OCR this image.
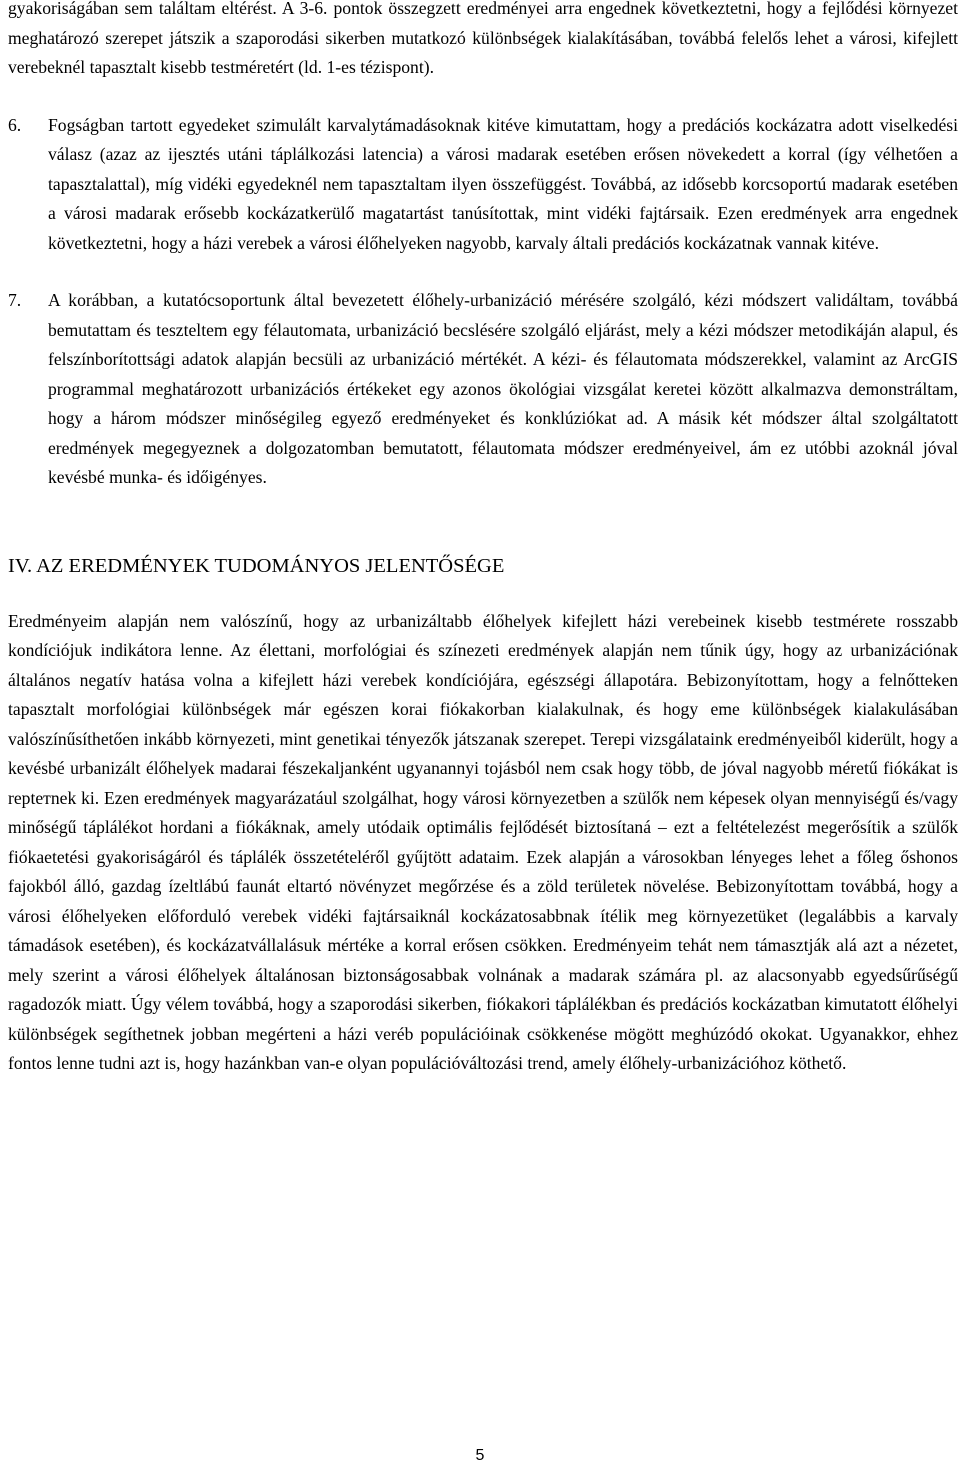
gyakoriságában sem találtam eltérést. A 3-6. pontok összegzett eredményei arra engednek következtetni, hogy a fejlődési környezet meghatározó szerepet játszik a szaporodási sikerben mutatkozó különbségek kialakításában, továbbá felelős lehet a városi, kifejlett verebeknél tapasztalt kisebb testméretért (ld. 1-es tézispont).

6. Fogságban tartott egyedeket szimulált karvalytámadásoknak kitéve kimutattam, hogy a predációs kockázatra adott viselkedési válasz (azaz az ijesztés utáni táplálkozási latencia) a városi madarak esetében erősen növekedett a korral (így vélhetően a tapasztalattal), míg vidéki egyedeknél nem tapasztaltam ilyen összefüggést. Továbbá, az idősebb korcsoportú madarak esetében a városi madarak erősebb kockázatkerülő magatartást tanúsítottak, mint vidéki fajtársaik. Ezen eredmények arra engednek következtetni, hogy a házi verebek a városi élőhelyeken nagyobb, karvaly általi predációs kockázatnak vannak kitéve.
7. A korábban, a kutatócsoportunk által bevezetett élőhely-urbanizáció mérésére szolgáló, kézi módszert validáltam, továbbá bemutattam és teszteltem egy félautomata, urbanizáció becslésére szolgáló eljárást, mely a kézi módszer metodikáján alapul, és felszínborítottsági adatok alapján becsüli az urbanizáció mértékét. A kézi- és félautomata módszerekkel, valamint az ArcGIS programmal meghatározott urbanizációs értékeket egy azonos ökológiai vizsgálat keretei között alkalmazva demonstráltam, hogy a három módszer minőségileg egyező eredményeket és konklúziókat ad. A másik két módszer által szolgáltatott eredmények megegyeznek a dolgozatomban bemutatott, félautomata módszer eredményeivel, ám ez utóbbi azoknál jóval kevésbé munka- és időigényes.
IV. AZ EREDMÉNYEK TUDOMÁNYOS JELENTŐSÉGE

Eredményeim alapján nem valószínű, hogy az urbanizáltabb élőhelyek kifejlett házi verebeinek kisebb testmérete rosszabb kondíciójuk indikátora lenne. Az élettani, morfológiai és színezeti eredmények alapján nem tűnik úgy, hogy az urbanizációnak általános negatív hatása volna a kifejlett házi verebek kondíciójára, egészségi állapotára. Bebizonyítottam, hogy a felnőtteken tapasztalt morfológiai különbségek már egészen korai fiókakorban kialakulnak, és hogy eme különbségek kialakulásában valószínűsíthetően inkább környezeti, mint genetikai tényezők játszanak szerepet. Terepi vizsgálataink eredményeiből kiderült, hogy a kevésbé urbanizált élőhelyek madarai fészekaljanként ugyanannyi tojásból nem csak hogy több, de jóval nagyobb méretű fiókákat is repteтnek ki. Ezen eredmények magyarázatául szolgálhat, hogy városi környezetben a szülők nem képesek olyan mennyiségű és/vagy minőségű táplálékot hordani a fiókáknak, amely utódaik optimális fejlődését biztosítaná – ezt a feltételezést megerősítik a szülők fiókaetetési gyakoriságáról és táplálék összetételéről gyűjtött adataim. Ezek alapján a városokban lényeges lehet a főleg őshonos fajokból álló, gazdag ízeltlábú faunát eltartó növényzet megőrzése és a zöld területek növelése. Bebizonyítottam továbbá, hogy a városi élőhelyeken előforduló verebek vidéki fajtársaiknál kockázatosabbnak ítélik meg környezetüket (legalábbis a karvaly támadások esetében), és kockázatvállalásuk mértéke a korral erősen csökken. Eredményeim tehát nem támasztják alá azt a nézetet, mely szerint a városi élőhelyek általánosan biztonságosabbak volnának a madarak számára pl. az alacsonyabb egyedsűrűségű ragadozók miatt. Úgy vélem továbbá, hogy a szaporodási sikerben, fiókakori táplálékban és predációs kockázatban kimutatott élőhelyi különbségek segíthetnek jobban megérteni a házi veréb populációinak csökkenése mögött meghúzódó okokat. Ugyanakkor, ehhez fontos lenne tudni azt is, hogy hazánkban van-e olyan populációváltozási trend, amely élőhely-urbanizációhoz köthető.

5
